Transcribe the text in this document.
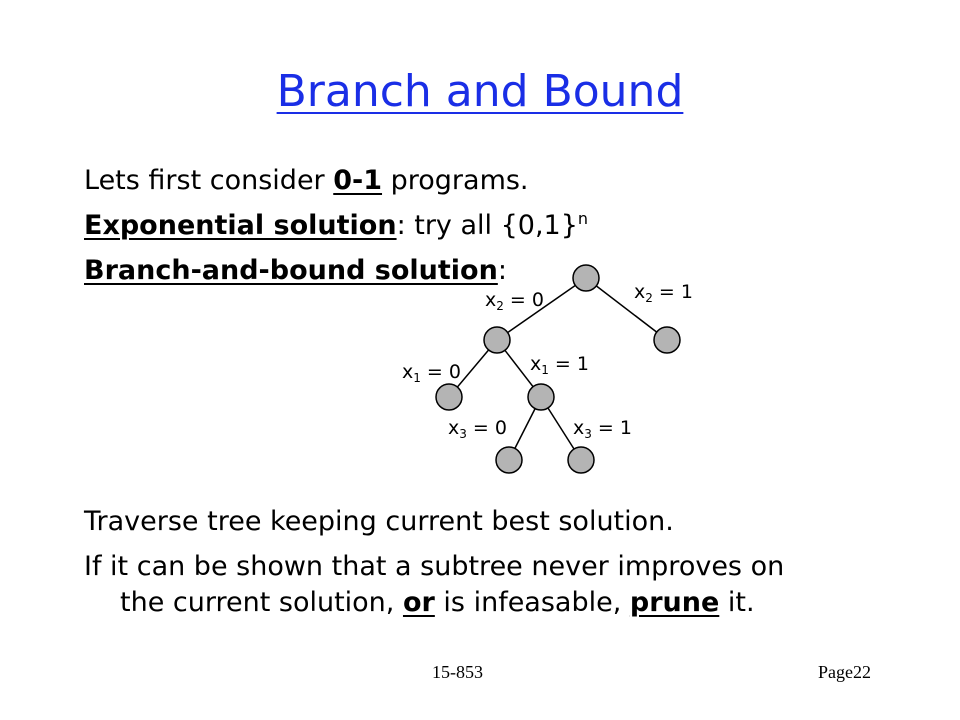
Branch and Bound
Lets first consider 0-1 programs.
Exponential solution: try all $\{0,1\}^n$
Branch-and-bound solution:
$x_2 = 0$	$x_2 = 1$
$x_1 = 0$	$x_1 = 1$
$x_3 = 0$	$x_3 = 1$
Traverse tree keeping current best solution.
If it can be shown that a subtree never improves on
the current solution, or is infeasable, prune it.
15-853	Page22
